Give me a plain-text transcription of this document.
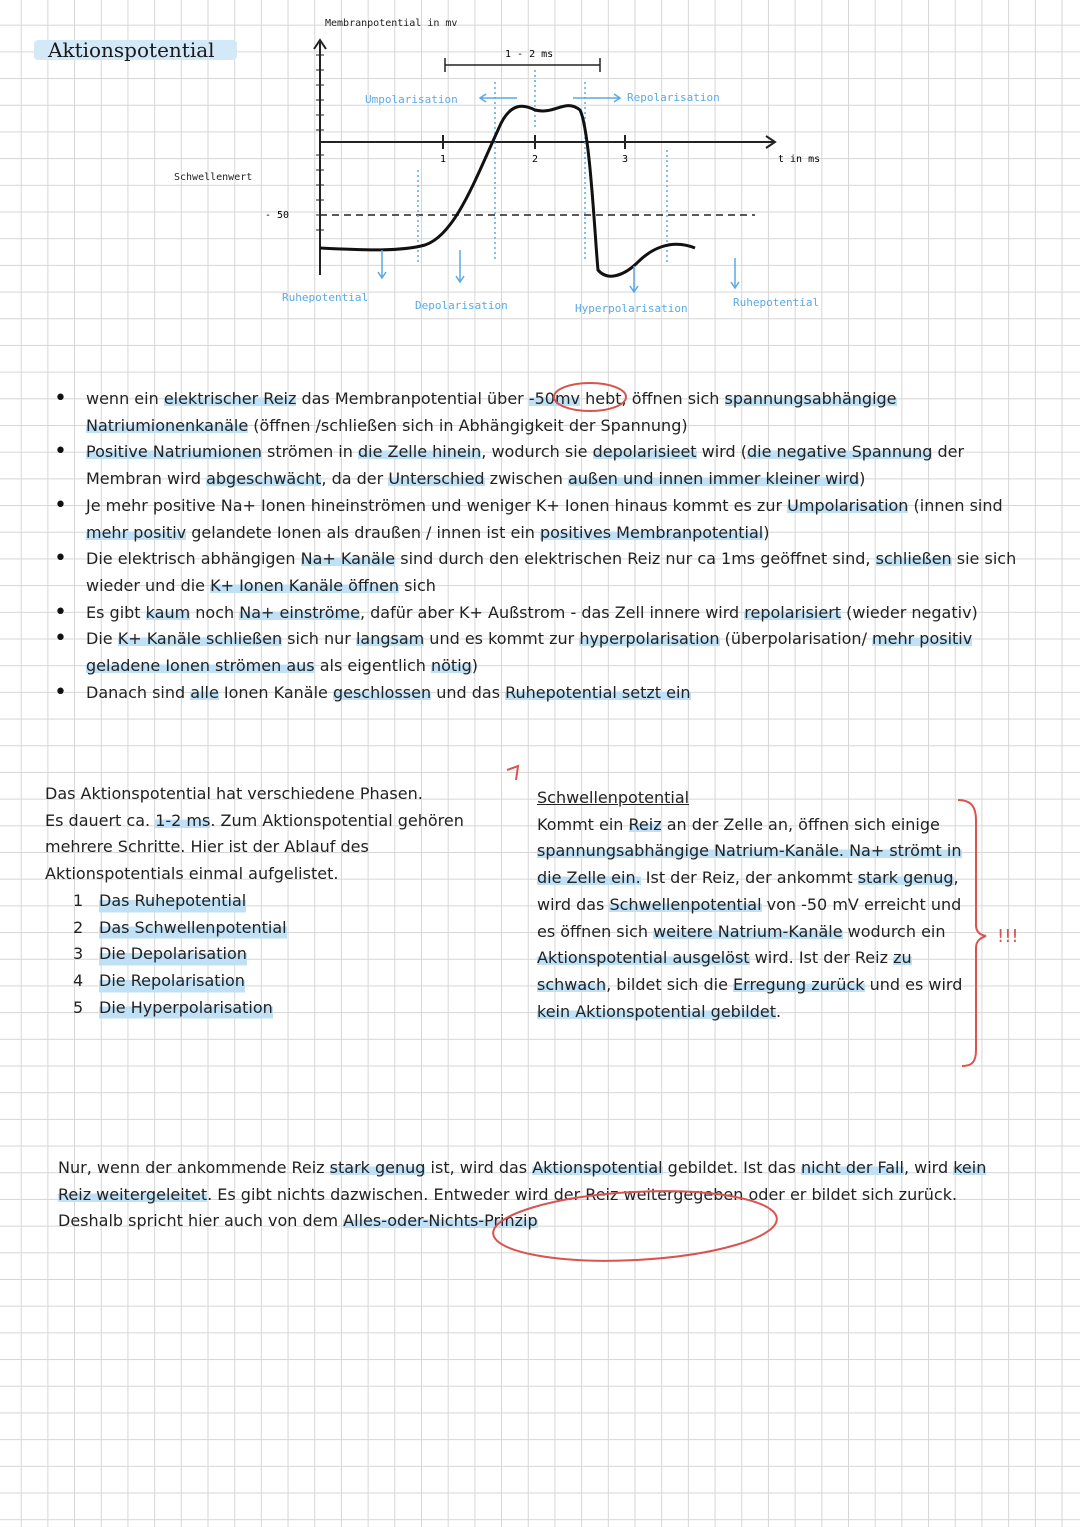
Aktionspotential
Membranpotential in mv
Schwellenwert
1	2	3	t in ms
- 50
1 - 2 ms
Umpolarisation	Repolarisation
Ruhepotential
Depolarisation	Hyperpolarisation	Ruhepotential
• wenn ein elektrischer Reiz das Membranpotential über -50mv hebt, öffnen sich spannungsabhängige Natriumionenkanäle (öffnen /schließen sich in Abhängigkeit der Spannung)
• Positive Natriumionen strömen in die Zelle hinein, wodurch sie depolarisieet wird (die negative Spannung der Membran wird abgeschwächt, da der Unterschied zwischen außen und innen immer kleiner wird)
• Je mehr positive Na+ Ionen hineinströmen und weniger K+ Ionen hinaus kommt es zur Umpolarisation (innen sind mehr positiv gelandete Ionen als draußen / innen ist ein positives Membranpotential)
• Die elektrisch abhängigen Na+ Kanäle sind durch den elektrischen Reiz nur ca 1ms geöffnet sind, schließen sie sich wieder und die K+ Ionen Kanäle öffnen sich
• Es gibt kaum noch Na+ einströme, dafür aber K+ Außstrom - das Zell innere wird repolarisiert (wieder negativ)
• Die K+ Kanäle schließen sich nur langsam und es kommt zur hyperpolarisation (überpolarisation/ mehr positiv geladene Ionen strömen aus als eigentlich nötig)
• Danach sind alle Ionen Kanäle geschlossen und das Ruhepotential setzt ein

Das Aktionspotential hat verschiedene Phasen.
Es dauert ca. 1-2 ms. Zum Aktionspotential gehören mehrere Schritte. Hier ist der Ablauf des Aktionspotentials einmal aufgelistet.

1 Das Ruhepotential
2 Das Schwellenpotential
3 Die Depolarisation
4 Die Repolarisation
5 Die Hyperpolarisation

Schwellenpotential

Kommt ein Reiz an der Zelle an, öffnen sich einige spannungsabhängige Natrium-Kanäle. Na+ strömt in die Zelle ein. Ist der Reiz, der ankommt stark genug, wird das Schwellenpotential von -50 mV erreicht und es öffnen sich weitere Natrium-Kanäle wodurch ein Aktionspotential ausgelöst wird. Ist der Reiz zu schwach, bildet sich die Erregung zurück und es wird kein Aktionspotential gebildet.

!!!

Nur, wenn der ankommende Reiz stark genug ist, wird das Aktionspotential gebildet. Ist das nicht der Fall, wird kein Reiz weitergeleitet. Es gibt nichts dazwischen. Entweder wird der Reiz weitergegeben oder er bildet sich zurück. Deshalb spricht hier auch von dem Alles-oder-Nichts-Prinzip
